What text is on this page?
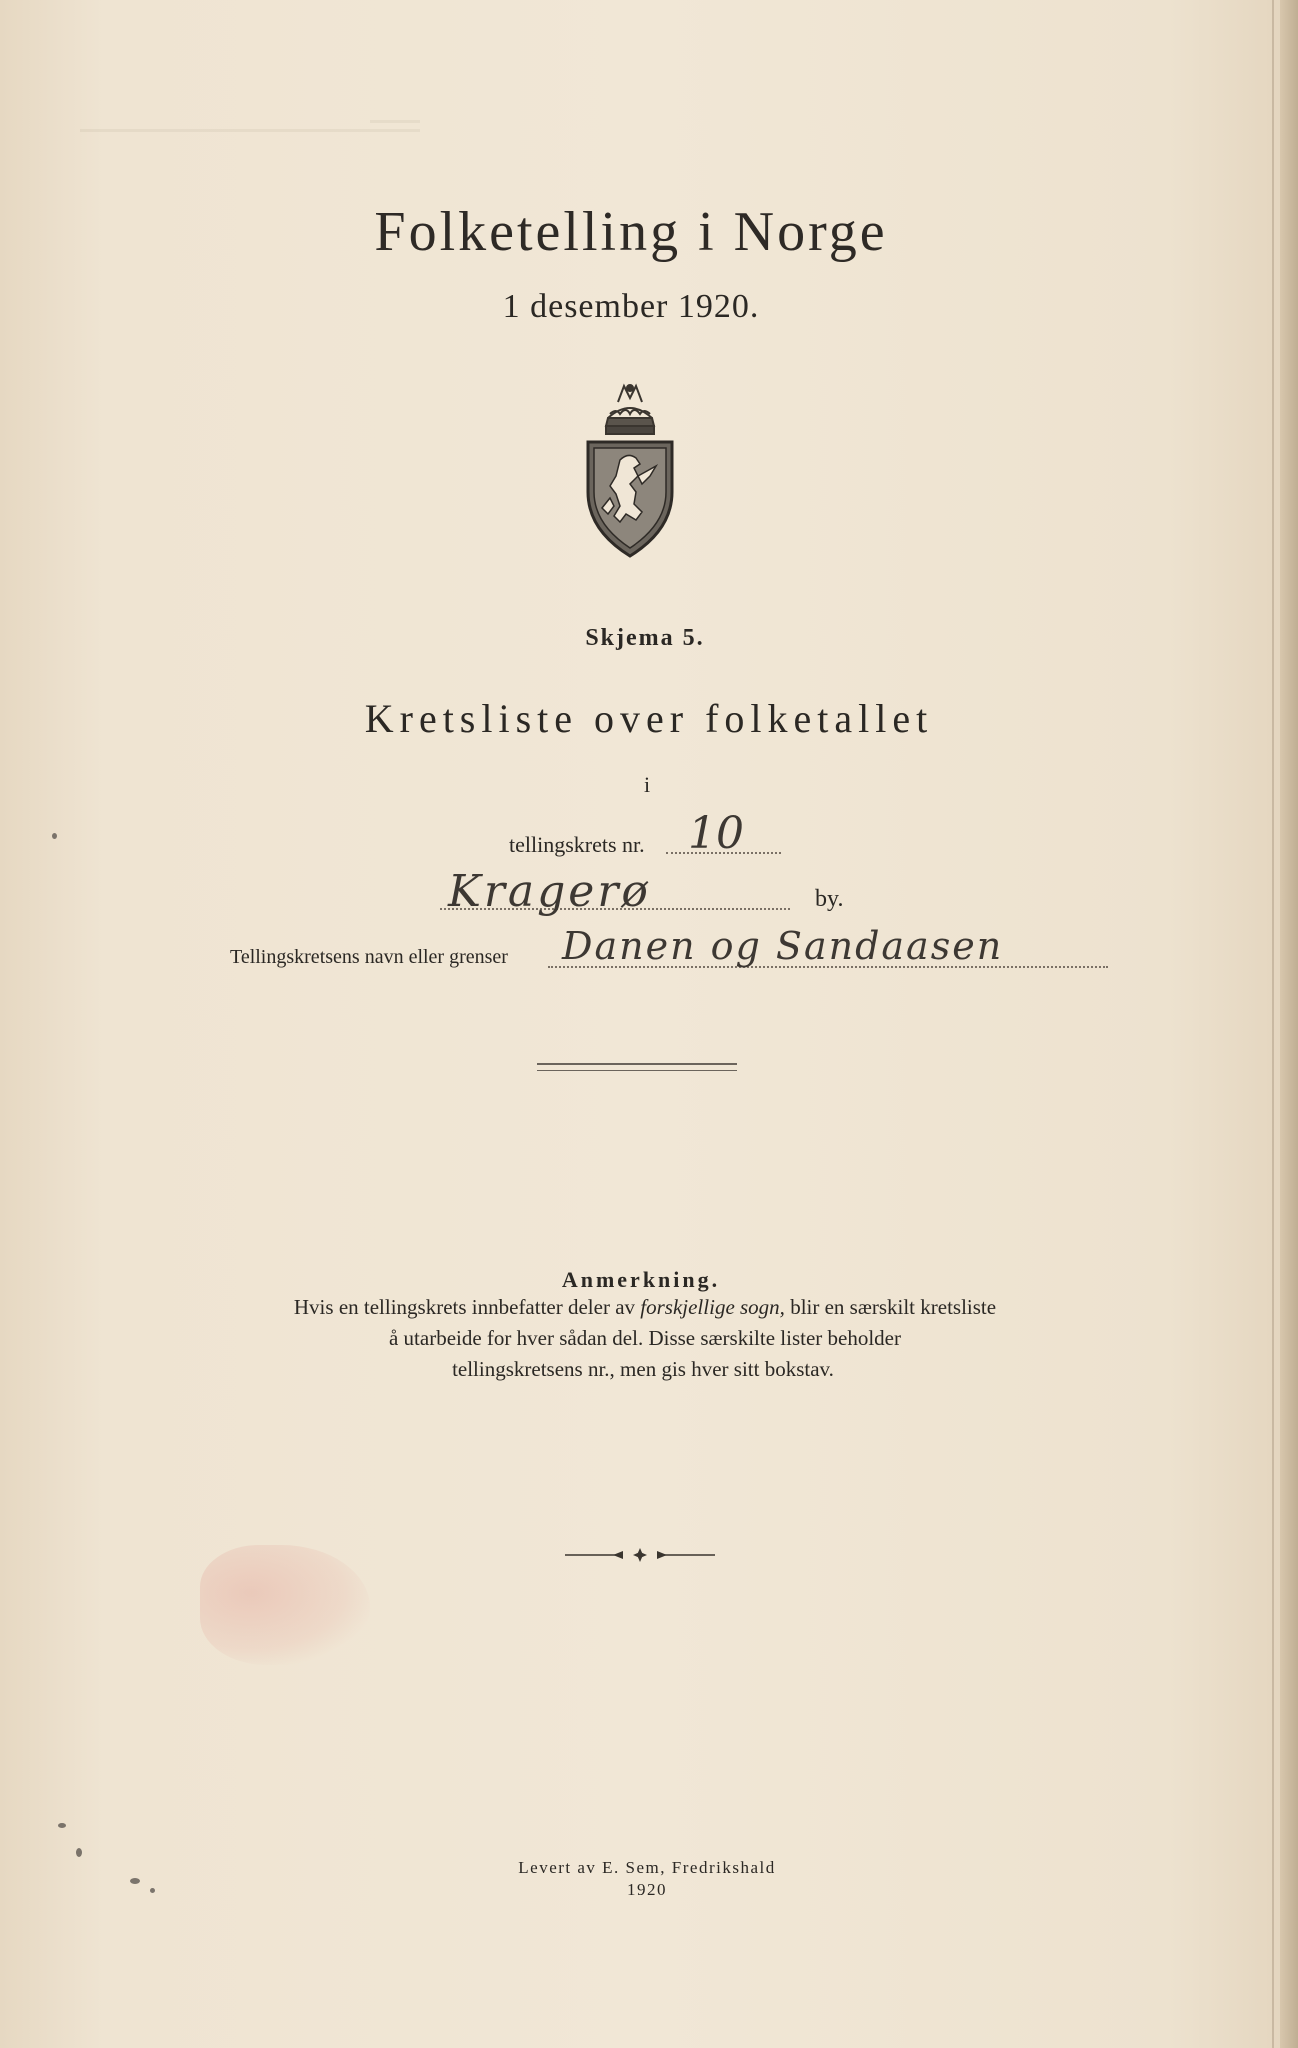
Folketelling i Norge
1 desember 1920.
Skjema 5.
Kretsliste over folketallet
i
tellingskrets nr. 10
Kragerø	by.
Tellingskretsens navn eller grenser Danen og Sandaasen
Anmerkning.
Hvis en tellingskrets innbefatter deler av forskjellige sogn, blir en særskilt kretsliste
å utarbeide for hver sådan del. Disse særskilte lister beholder
tellingskretsens nr., men gis hver sitt bokstav.
Levert av E. Sem, Fredrikshald
1920
